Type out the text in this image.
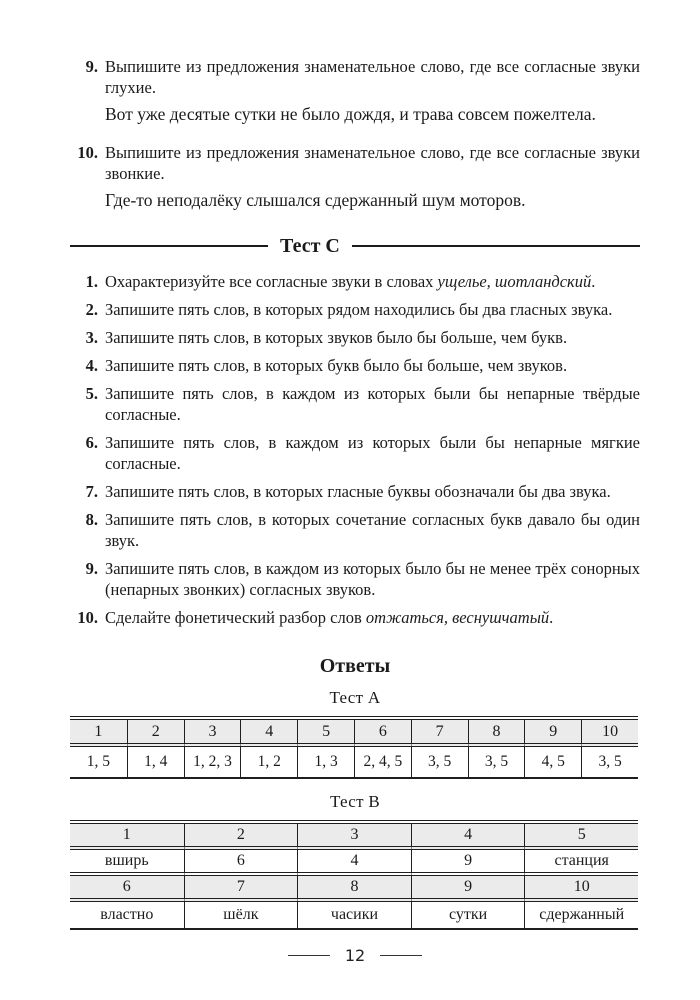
9. Выпишите из предложения знаменательное слово, где все согласные звуки глухие.

Вот уже десятые сутки не было дождя, и трава совсем пожелтела.

10. Выпишите из предложения знаменательное слово, где все согласные звуки звонкие.

Где-то неподалёку слышался сдержанный шум моторов.

Тест С
1. Охарактеризуйте все согласные звуки в словах ущелье, шотландский.

2. Запишите пять слов, в которых рядом находились бы два гласных звука.

3. Запишите пять слов, в которых звуков было бы больше, чем букв.

4. Запишите пять слов, в которых букв было бы больше, чем звуков.

5. Запишите пять слов, в каждом из которых были бы непарные твёрдые согласные.

6. Запишите пять слов, в каждом из которых были бы непарные мягкие согласные.

7. Запишите пять слов, в которых гласные буквы обозначали бы два звука.

8. Запишите пять слов, в которых сочетание согласных букв давало бы один звук.

9. Запишите пять слов, в каждом из которых было бы не менее трёх сонорных (непарных звонких) согласных звуков.

10. Сделайте фонетический разбор слов отжаться, веснушчатый.

Ответы
Тест А
1	2	3	4	5	6	7	8	9	10
1, 5	1, 4	1, 2, 3	1, 2	1, 3	2, 4, 5	3, 5	3, 5	4, 5	3, 5
Тест В
1	2	3	4	5
вширь	6	4	9	станция
6	7	8	9	10
властно	шёлк	часики	сутки	сдержанный
12
